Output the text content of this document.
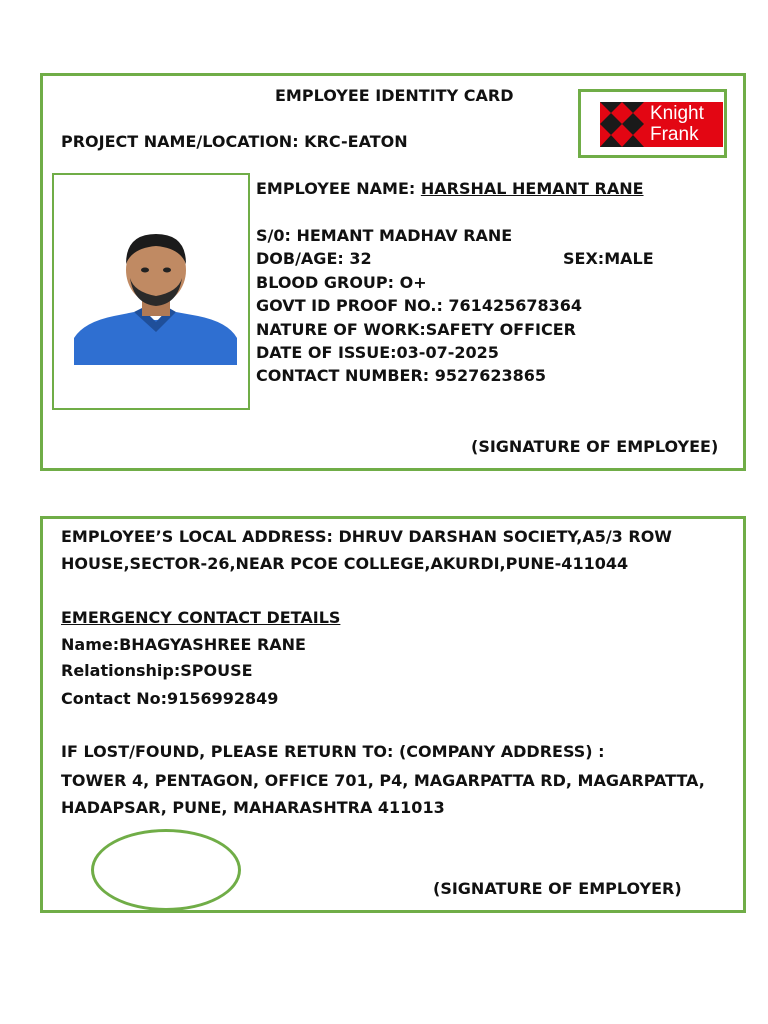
EMPLOYEE IDENTITY CARD
PROJECT NAME/LOCATION: KRC-EATON
Knight
Frank
EMPLOYEE NAME: HARSHAL HEMANT RANE
S/0: HEMANT MADHAV RANE
DOB/AGE: 32	SEX:MALE
BLOOD GROUP: O+
GOVT ID PROOF NO.: 761425678364
NATURE OF WORK:SAFETY OFFICER
DATE OF ISSUE:03-07-2025
CONTACT NUMBER: 9527623865
(SIGNATURE OF EMPLOYEE)
EMPLOYEE’S LOCAL ADDRESS: DHRUV DARSHAN SOCIETY,A5/3 ROW
HOUSE,SECTOR-26,NEAR PCOE COLLEGE,AKURDI,PUNE-411044
EMERGENCY CONTACT DETAILS
Name:BHAGYASHREE RANE
Relationship:SPOUSE
Contact No:9156992849
IF LOST/FOUND, PLEASE RETURN TO: (COMPANY ADDRESS) :
TOWER 4, PENTAGON, OFFICE 701, P4, MAGARPATTA RD, MAGARPATTA,
HADAPSAR, PUNE, MAHARASHTRA 411013
(SIGNATURE OF EMPLOYER)
